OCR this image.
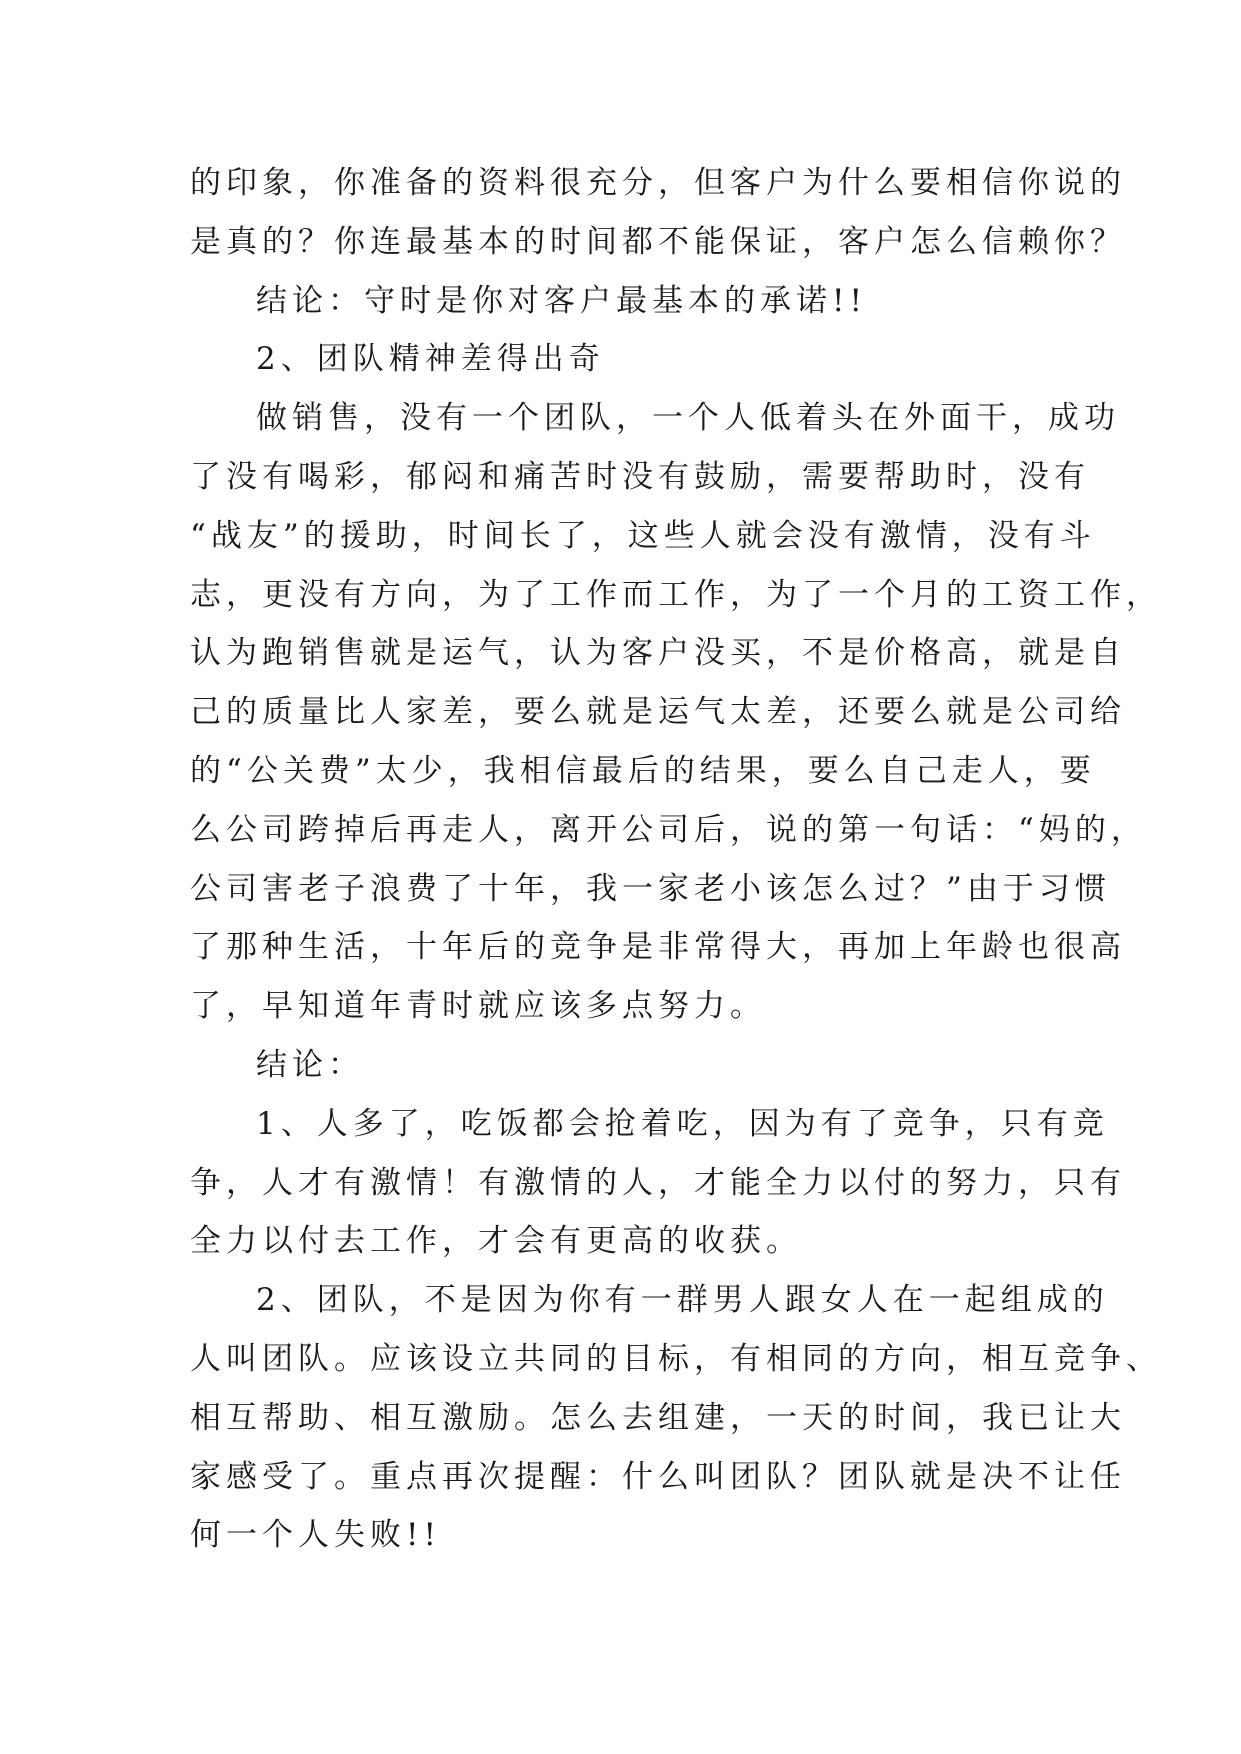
的印象，你准备的资料很充分，但客户为什么要相信你说的
是真的？你连最基本的时间都不能保证，客户怎么信赖你？
结论：守时是你对客户最基本的承诺!!
2、团队精神差得出奇
做销售，没有一个团队，一个人低着头在外面干，成功
了没有喝彩，郁闷和痛苦时没有鼓励，需要帮助时，没有
“战友”的援助，时间长了，这些人就会没有激情，没有斗
志，更没有方向，为了工作而工作，为了一个月的工资工作，
认为跑销售就是运气，认为客户没买，不是价格高，就是自
己的质量比人家差，要么就是运气太差，还要么就是公司给
的“公关费”太少，我相信最后的结果，要么自己走人，要
么公司跨掉后再走人，离开公司后，说的第一句话：“妈的，
公司害老子浪费了十年，我一家老小该怎么过？”由于习惯
了那种生活，十年后的竞争是非常得大，再加上年龄也很高
了，早知道年青时就应该多点努力。
结论：
1、人多了，吃饭都会抢着吃，因为有了竞争，只有竞
争，人才有激情！有激情的人，才能全力以付的努力，只有
全力以付去工作，才会有更高的收获。
2、团队，不是因为你有一群男人跟女人在一起组成的
人叫团队。应该设立共同的目标，有相同的方向，相互竞争、
相互帮助、相互激励。怎么去组建，一天的时间，我已让大
家感受了。重点再次提醒：什么叫团队？团队就是决不让任
何一个人失败!!
